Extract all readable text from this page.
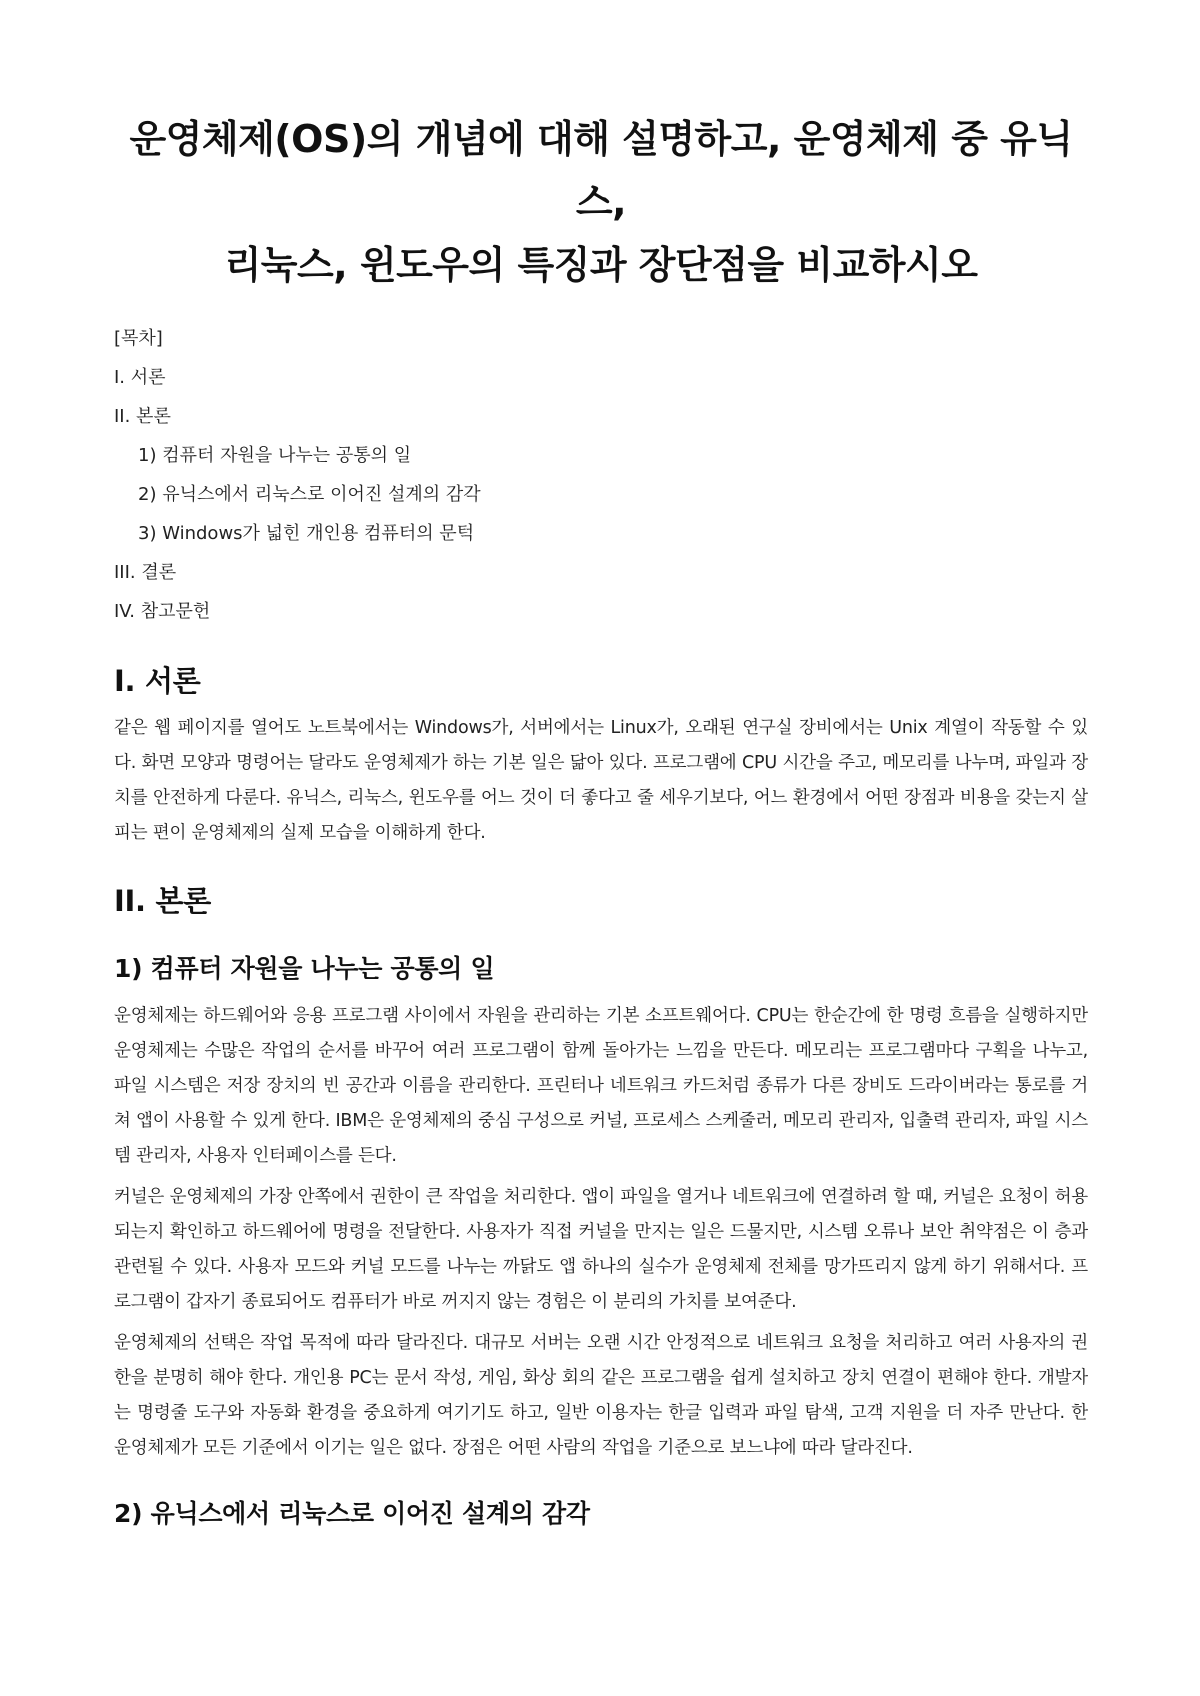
운영체제(OS)의 개념에 대해 설명하고, 운영체제 중 유닉스,
리눅스, 윈도우의 특징과 장단점을 비교하시오
[목차]
I. 서론
II. 본론
1) 컴퓨터 자원을 나누는 공통의 일
2) 유닉스에서 리눅스로 이어진 설계의 감각
3) Windows가 넓힌 개인용 컴퓨터의 문턱
III. 결론
IV. 참고문헌
I. 서론

같은 웹 페이지를 열어도 노트북에서는 Windows가, 서버에서는 Linux가, 오래된 연구실 장비에서는 Unix 계열이 작동할 수 있다. 화면 모양과 명령어는 달라도 운영체제가 하는 기본 일은 닮아 있다. 프로그램에 CPU 시간을 주고, 메모리를 나누며, 파일과 장치를 안전하게 다룬다. 유닉스, 리눅스, 윈도우를 어느 것이 더 좋다고 줄 세우기보다, 어느 환경에서 어떤 장점과 비용을 갖는지 살피는 편이 운영체제의 실제 모습을 이해하게 한다.

II. 본론
1) 컴퓨터 자원을 나누는 공통의 일

운영체제는 하드웨어와 응용 프로그램 사이에서 자원을 관리하는 기본 소프트웨어다. CPU는 한순간에 한 명령 흐름을 실행하지만 운영체제는 수많은 작업의 순서를 바꾸어 여러 프로그램이 함께 돌아가는 느낌을 만든다. 메모리는 프로그램마다 구획을 나누고, 파일 시스템은 저장 장치의 빈 공간과 이름을 관리한다. 프린터나 네트워크 카드처럼 종류가 다른 장비도 드라이버라는 통로를 거쳐 앱이 사용할 수 있게 한다. IBM은 운영체제의 중심 구성으로 커널, 프로세스 스케줄러, 메모리 관리자, 입출력 관리자, 파일 시스템 관리자, 사용자 인터페이스를 든다.

커널은 운영체제의 가장 안쪽에서 권한이 큰 작업을 처리한다. 앱이 파일을 열거나 네트워크에 연결하려 할 때, 커널은 요청이 허용되는지 확인하고 하드웨어에 명령을 전달한다. 사용자가 직접 커널을 만지는 일은 드물지만, 시스템 오류나 보안 취약점은 이 층과 관련될 수 있다. 사용자 모드와 커널 모드를 나누는 까닭도 앱 하나의 실수가 운영체제 전체를 망가뜨리지 않게 하기 위해서다. 프로그램이 갑자기 종료되어도 컴퓨터가 바로 꺼지지 않는 경험은 이 분리의 가치를 보여준다.

운영체제의 선택은 작업 목적에 따라 달라진다. 대규모 서버는 오랜 시간 안정적으로 네트워크 요청을 처리하고 여러 사용자의 권한을 분명히 해야 한다. 개인용 PC는 문서 작성, 게임, 화상 회의 같은 프로그램을 쉽게 설치하고 장치 연결이 편해야 한다. 개발자는 명령줄 도구와 자동화 환경을 중요하게 여기기도 하고, 일반 이용자는 한글 입력과 파일 탐색, 고객 지원을 더 자주 만난다. 한 운영체제가 모든 기준에서 이기는 일은 없다. 장점은 어떤 사람의 작업을 기준으로 보느냐에 따라 달라진다.

2) 유닉스에서 리눅스로 이어진 설계의 감각
